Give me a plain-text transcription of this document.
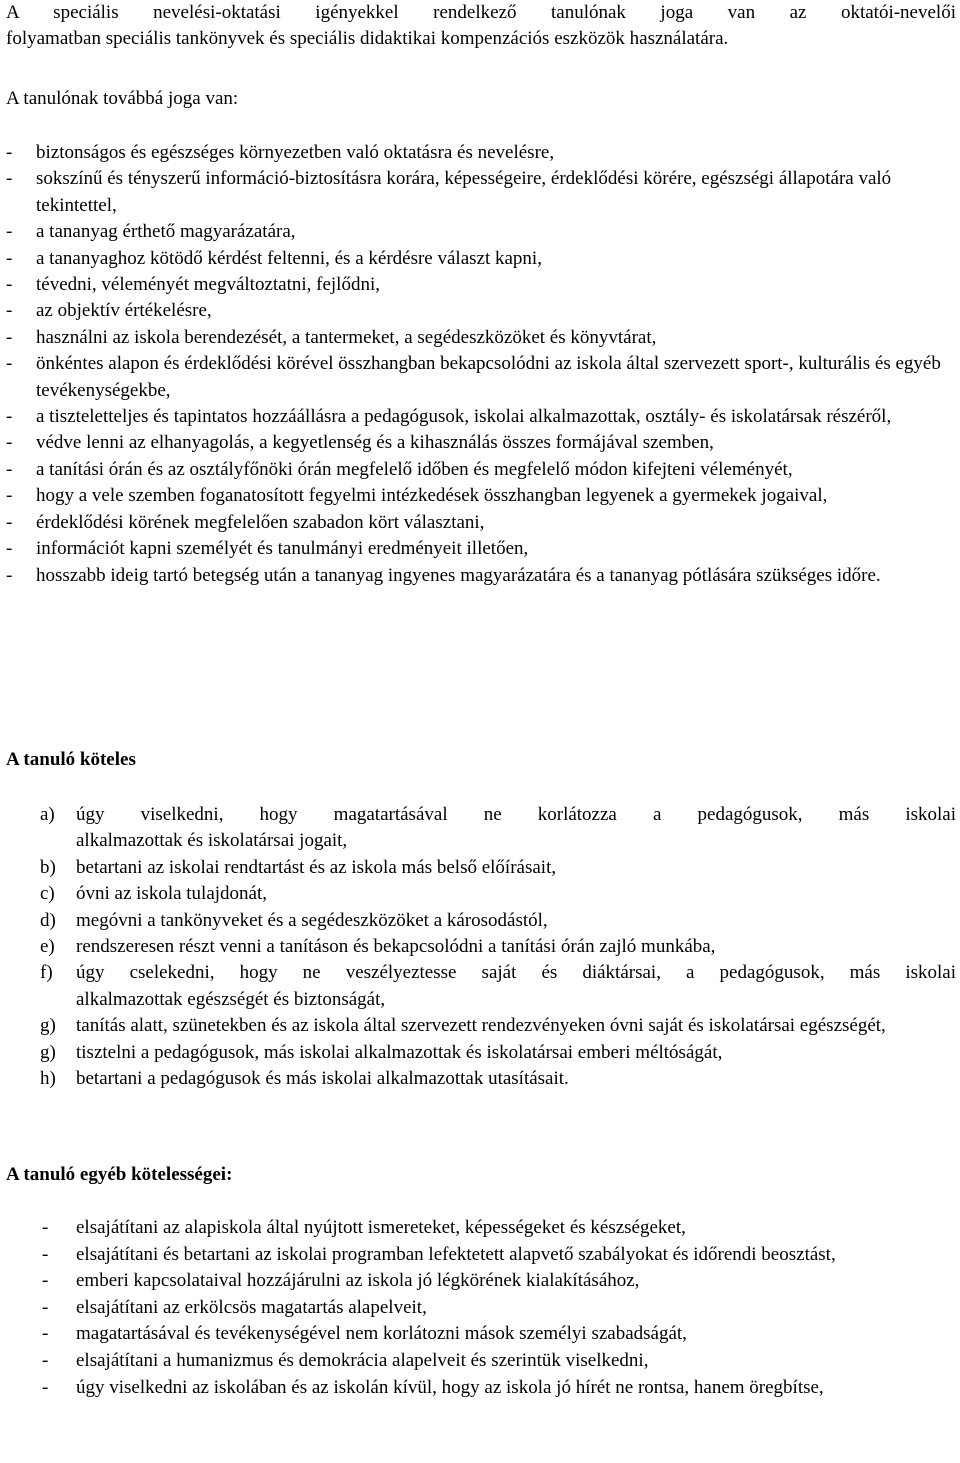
A speciális nevelési-oktatási igényekkel rendelkező tanulónak joga van az oktatói-nevelői
folyamatban speciális tankönyvek és speciális didaktikai kompenzációs eszközök használatára.
A tanulónak továbbá joga van:
- biztonságos és egészséges környezetben való oktatásra és nevelésre,
- sokszínű és tényszerű információ-biztosításra korára, képességeire, érdeklődési körére, egészségi állapotára való tekintettel,
- a tananyag érthető magyarázatára,
- a tananyaghoz kötödő kérdést feltenni, és a kérdésre választ kapni,
- tévedni, véleményét megváltoztatni, fejlődni,
- az objektív értékelésre,
- használni az iskola berendezését, a tantermeket, a segédeszközöket és könyvtárat,
- önkéntes alapon és érdeklődési körével összhangban bekapcsolódni az iskola által szervezett sport-, kulturális és egyéb tevékenységekbe,
- a tiszteletteljes és tapintatos hozzáállásra a pedagógusok, iskolai alkalmazottak, osztály- és iskolatársak részéről,
- védve lenni az elhanyagolás, a kegyetlenség és a kihasználás összes formájával szemben,
- a tanítási órán és az osztályfőnöki órán megfelelő időben és megfelelő módon kifejteni véleményét,
- hogy a vele szemben foganatosított fegyelmi intézkedések összhangban legyenek a gyermekek jogaival,
- érdeklődési körének megfelelően szabadon kört választani,
- információt kapni személyét és tanulmányi eredményeit illetően,
- hosszabb ideig tartó betegség után a tananyag ingyenes magyarázatára és a tananyag pótlására szükséges időre.
A tanuló köteles
a) úgy viselkedni, hogy magatartásával ne korlátozza a pedagógusok, más iskolai
alkalmazottak és iskolatársai jogait,
b) betartani az iskolai rendtartást és az iskola más belső előírásait,
c) óvni az iskola tulajdonát,
d) megóvni a tankönyveket és a segédeszközöket a károsodástól,
e) rendszeresen részt venni a tanításon és bekapcsolódni a tanítási órán zajló munkába,
f) úgy cselekedni, hogy ne veszélyeztesse saját és diáktársai, a pedagógusok, más iskolai
alkalmazottak egészségét és biztonságát,
g) tanítás alatt, szünetekben és az iskola által szervezett rendezvényeken óvni saját és iskolatársai egészségét,
g) tisztelni a pedagógusok, más iskolai alkalmazottak és iskolatársai emberi méltóságát,
h) betartani a pedagógusok és más iskolai alkalmazottak utasításait.
A tanuló egyéb kötelességei:
- elsajátítani az alapiskola által nyújtott ismereteket, képességeket és készségeket,
- elsajátítani és betartani az iskolai programban lefektetett alapvető szabályokat és időrendi beosztást,
- emberi kapcsolataival hozzájárulni az iskola jó légkörének kialakításához,
- elsajátítani az erkölcsös magatartás alapelveit,
- magatartásával és tevékenységével nem korlátozni mások személyi szabadságát,
- elsajátítani a humanizmus és demokrácia alapelveit és szerintük viselkedni,
- úgy viselkedni az iskolában és az iskolán kívül, hogy az iskola jó hírét ne rontsa, hanem öregbítse,
